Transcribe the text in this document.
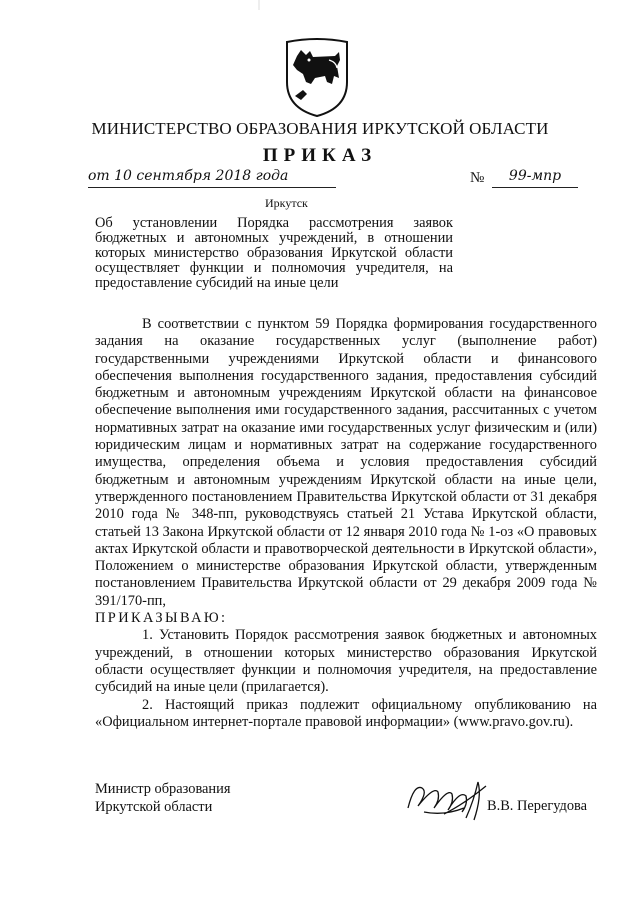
МИНИСТЕРСТВО ОБРАЗОВАНИЯ ИРКУТСКОЙ ОБЛАСТИ
ПРИКАЗ
от 10 сентября 2018 года	№	99-мпр
Иркутск
Об установлении Порядка рассмотрения заявок бюджетных и автономных учреждений, в отношении которых министерство образования Иркутской области осуществляет функции и полномочия учредителя, на предоставление субсидий на иные цели

В соответствии с пунктом 59 Порядка формирования государственного задания на оказание государственных услуг (выполнение работ) государственными учреждениями Иркутской области и финансового обеспечения выполнения государственного задания, предоставления субсидий бюджетным и автономным учреждениям Иркутской области на финансовое обеспечение выполнения ими государственного задания, рассчитанных с учетом нормативных затрат на оказание ими государственных услуг физическим и (или) юридическим лицам и нормативных затрат на содержание государственного имущества, определения объема и условия предоставления субсидий бюджетным и автономным учреждениям Иркутской области на иные цели, утвержденного постановлением Правительства Иркутской области от 31 декабря 2010 года № 348-пп, руководствуясь статьей 21 Устава Иркутской области, статьей 13 Закона Иркутской области от 12 января 2010 года № 1-оз «О правовых актах Иркутской области и правотворческой деятельности в Иркутской области», Положением о министерстве образования Иркутской области, утвержденным постановлением Правительства Иркутской области от 29 декабря 2009 года № 391/170-пп,

ПРИКАЗЫВАЮ:

1. Установить Порядок рассмотрения заявок бюджетных и автономных учреждений, в отношении которых министерство образования Иркутской области осуществляет функции и полномочия учредителя, на предоставление субсидий на иные цели (прилагается).

2. Настоящий приказ подлежит официальному опубликованию на «Официальном интернет-портале правовой информации» (www.pravo.gov.ru).

Министр образования
Иркутской области	В.В. Перегудова
